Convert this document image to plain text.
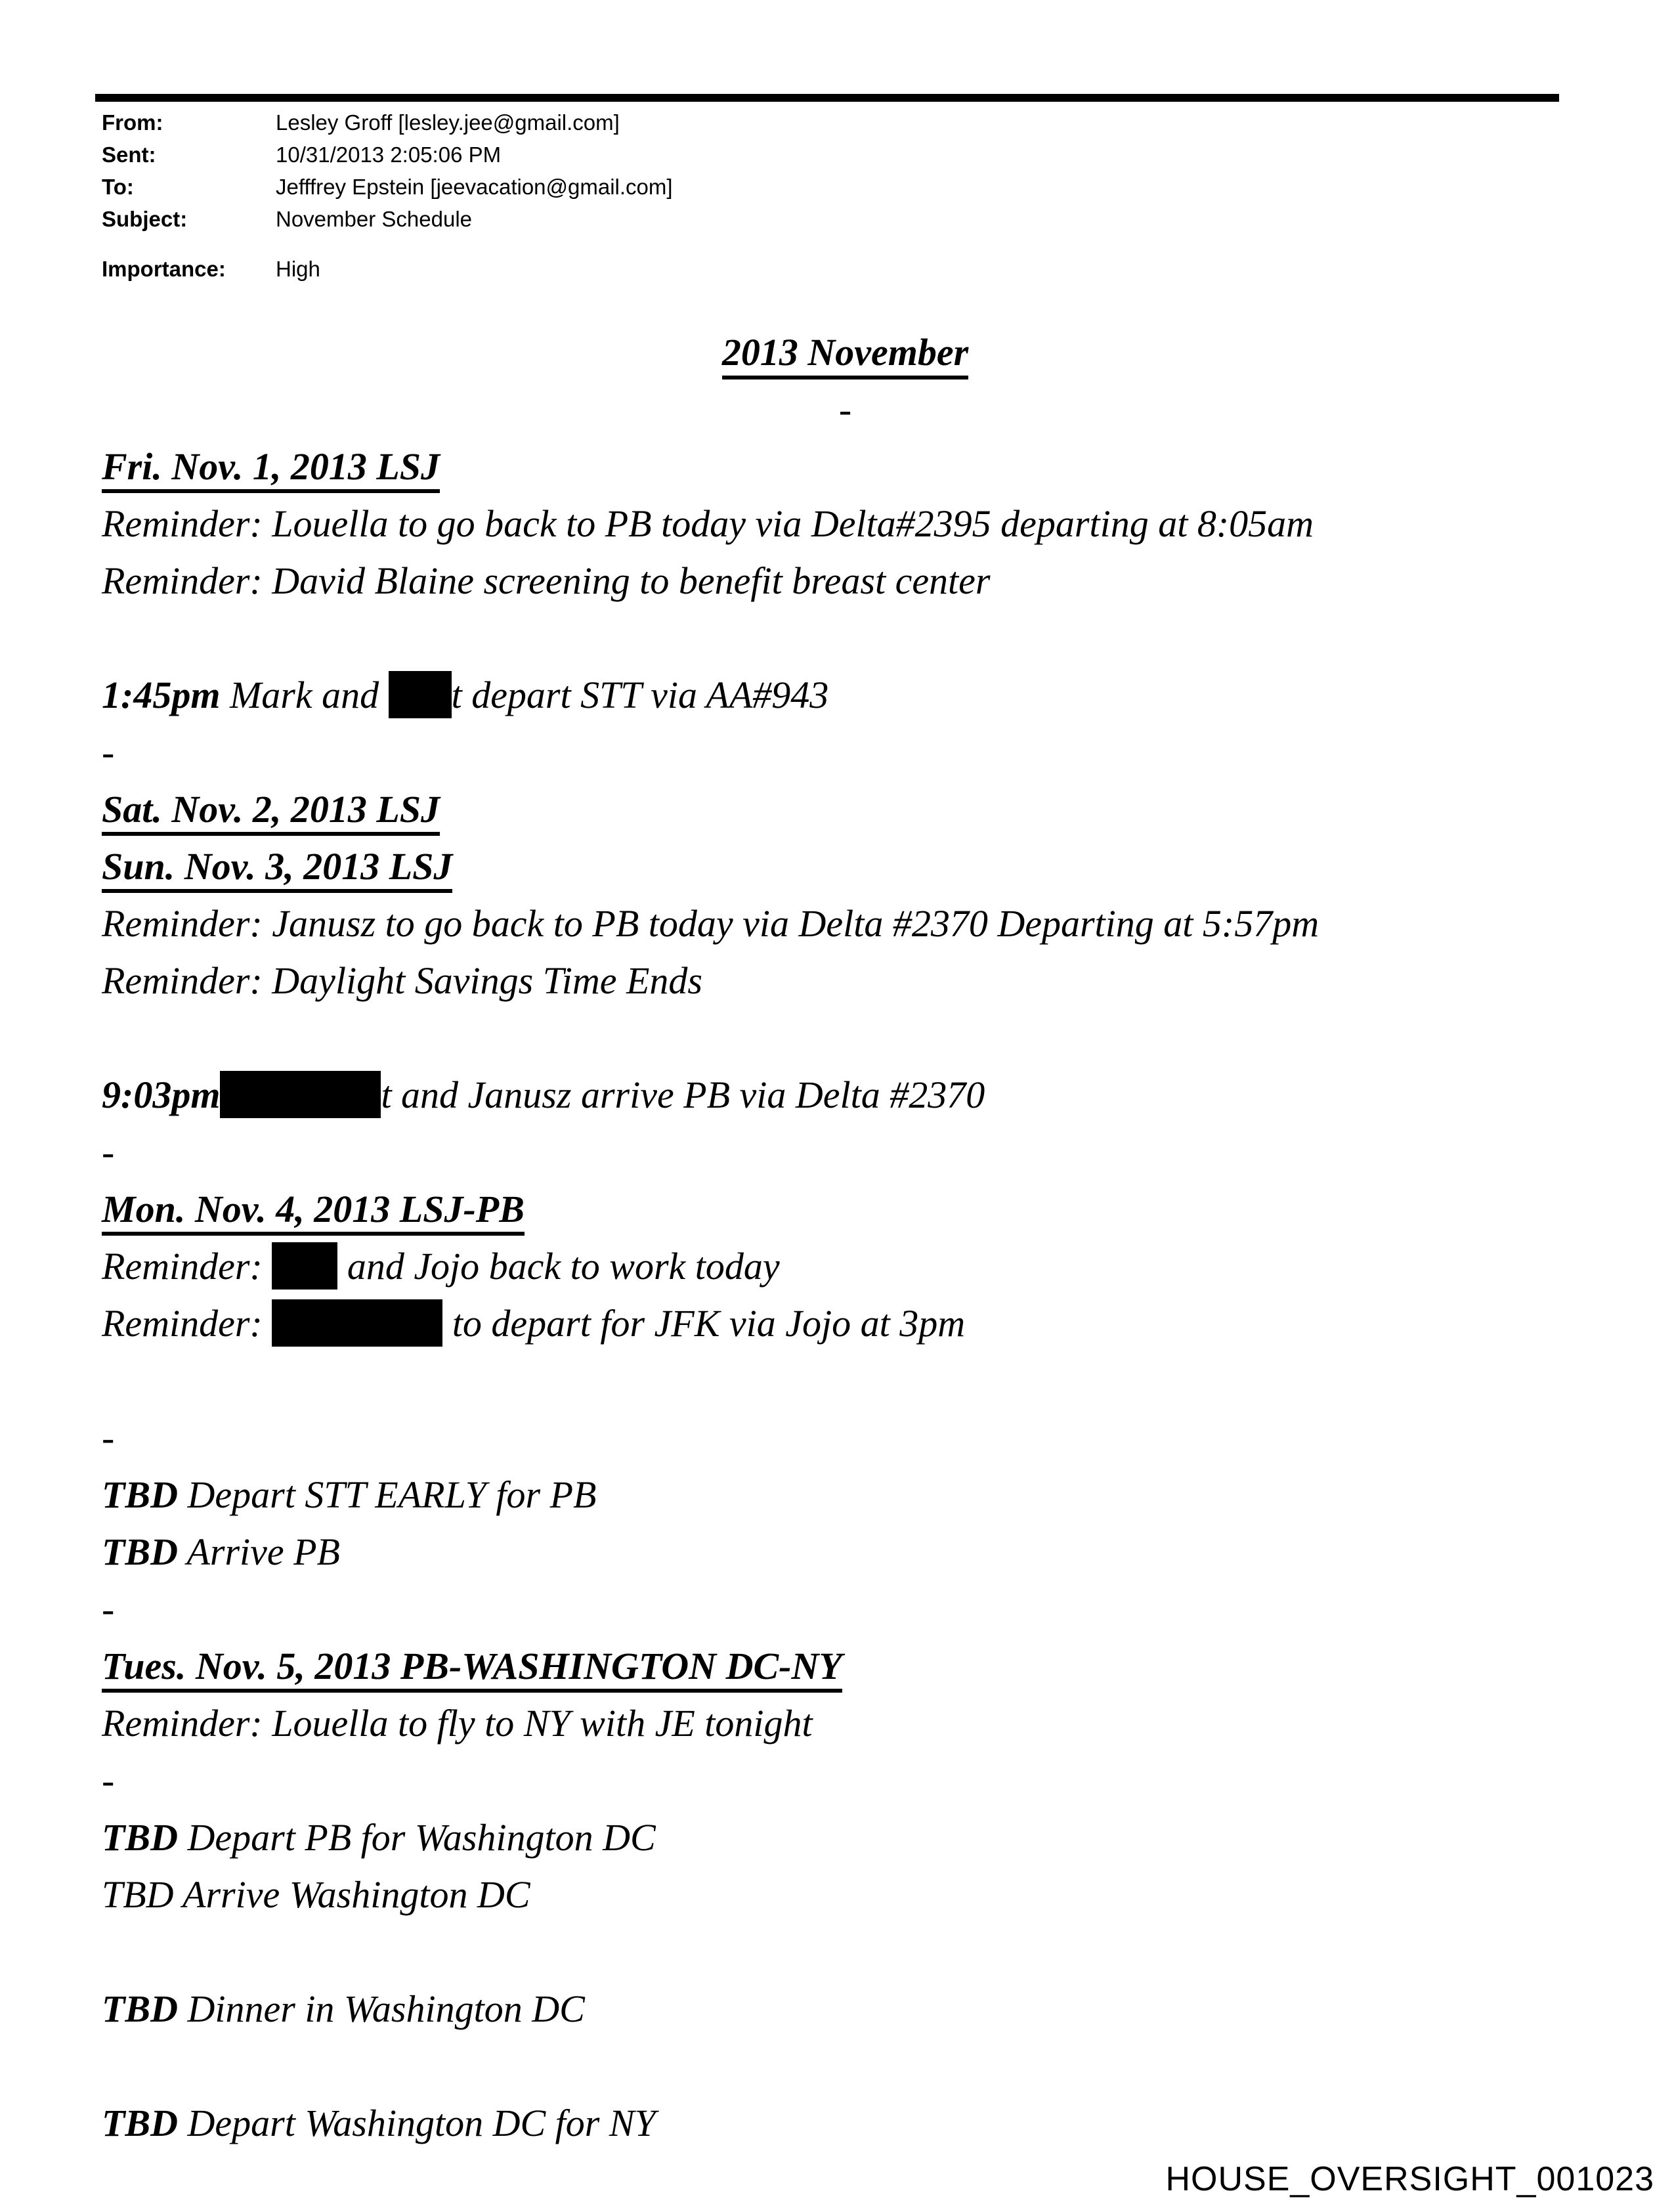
From:	Lesley Groff [lesley.jee@gmail.com]
Sent:	10/31/2013 2:05:06 PM
To:	Jefffrey Epstein [jeevacation@gmail.com]
Subject:	November Schedule
Importance: High
2013 November
-
Fri. Nov. 1, 2013 LSJ
Reminder: Louella to go back to PB today via Delta#2395 departing at 8:05am
Reminder: David Blaine screening to benefit breast center

1:45pm Mark and t depart STT via AA#943
-
Sat. Nov. 2, 2013 LSJ
Sun. Nov. 3, 2013 LSJ
Reminder: Janusz to go back to PB today via Delta #2370 Departing at 5:57pm
Reminder: Daylight Savings Time Ends

9:03pm	t and Janusz arrive PB via Delta #2370
-
Mon. Nov. 4, 2013 LSJ-PB
Reminder:  and Jojo back to work today
Reminder:	to depart for JFK via Jojo at 3pm

-
TBD Depart STT EARLY for PB
TBD Arrive PB
-
Tues. Nov. 5, 2013 PB-WASHINGTON DC-NY
Reminder: Louella to fly to NY with JE tonight
-
TBD Depart PB for Washington DC
TBD Arrive Washington DC

TBD Dinner in Washington DC

TBD Depart Washington DC for NY
HOUSE_OVERSIGHT_001023
